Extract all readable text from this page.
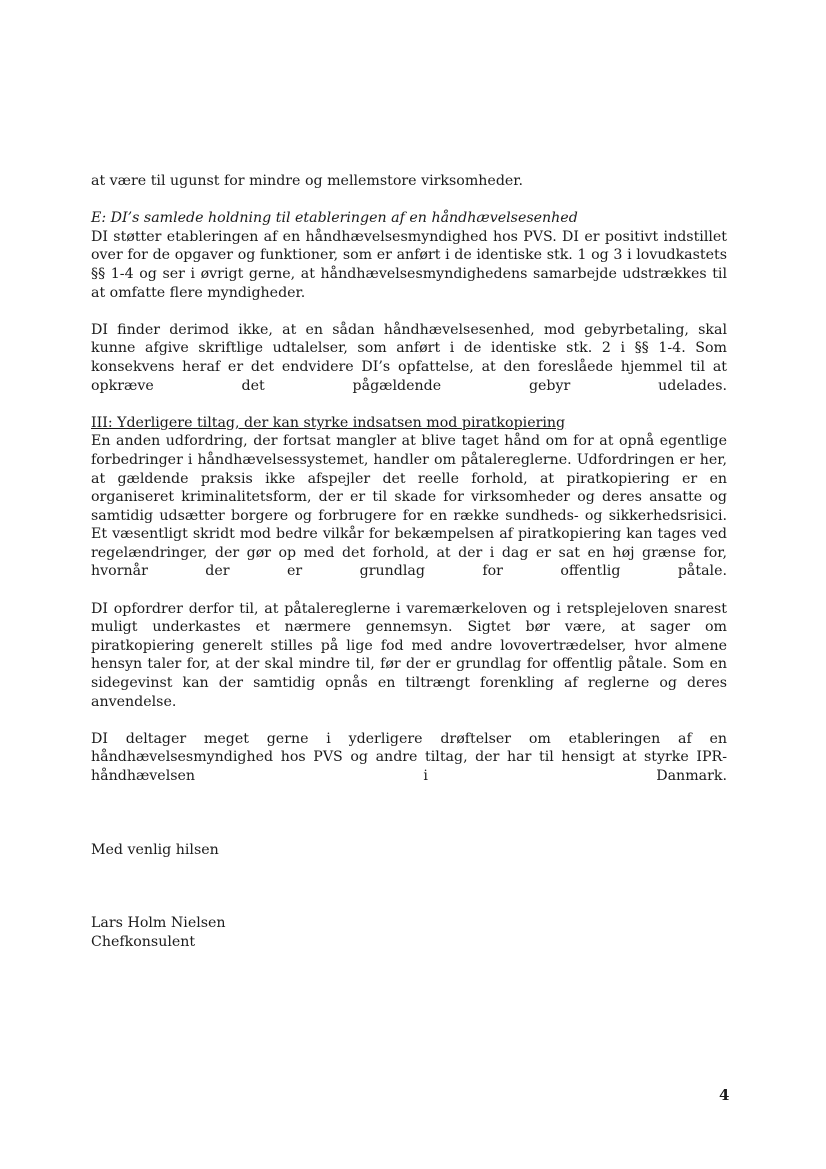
at være til ugunst for mindre og mellemstore virksomheder.

E: DI’s samlede holdning til etableringen af en håndhævelsesenhed

DI støtter etableringen af en håndhævelsesmyndighed hos PVS. DI er positivt indstillet over for de opgaver og funktioner, som er anført i de identiske stk. 1 og 3 i lovudkastets §§ 1-4 og ser i øvrigt gerne, at håndhævelsesmyndighedens samarbejde udstrækkes til at omfatte flere myndigheder.

DI finder derimod ikke, at en sådan håndhævelsesenhed, mod gebyrbetaling, skal kunne afgive skriftlige udtalelser, som anført i de identiske stk. 2 i §§ 1-4. Som konsekvens heraf er det endvidere DI’s opfattelse, at den foreslåede hjemmel til at opkræve det pågældende gebyr udelades.

III: Yderligere tiltag, der kan styrke indsatsen mod piratkopiering

En anden udfordring, der fortsat mangler at blive taget hånd om for at opnå egentlige forbedringer i håndhævelsessystemet, handler om påtalereglerne. Udfordringen er her, at gældende praksis ikke afspejler det reelle forhold, at piratkopiering er en organiseret kriminalitetsform, der er til skade for virksomheder og deres ansatte og samtidig udsætter borgere og forbrugere for en række sundheds- og sikkerhedsrisici. Et væsentligt skridt mod bedre vilkår for bekæmpelsen af piratkopiering kan tages ved regelændringer, der gør op med det forhold, at der i dag er sat en høj grænse for, hvornår der er grundlag for offentlig påtale.

DI opfordrer derfor til, at påtalereglerne i varemærkeloven og i retsplejeloven snarest muligt underkastes et nærmere gennemsyn. Sigtet bør være, at sager om piratkopiering generelt stilles på lige fod med andre lovovertrædelser, hvor almene hensyn taler for, at der skal mindre til, før der er grundlag for offentlig påtale. Som en sidegevinst kan der samtidig opnås en tiltrængt forenkling af reglerne og deres anvendelse.

DI deltager meget gerne i yderligere drøftelser om etableringen af en håndhævelsesmyndighed hos PVS og andre tiltag, der har til hensigt at styrke IPR-håndhævelsen i Danmark.

Med venlig hilsen

Lars Holm Nielsen

Chefkonsulent

4
